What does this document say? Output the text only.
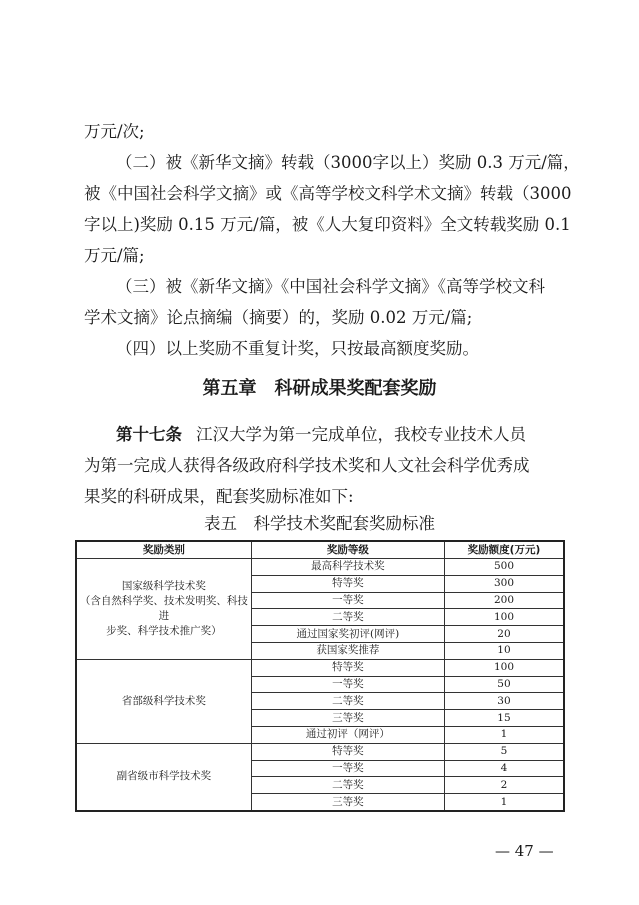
万元/次;
（二）被《新华文摘》转载（3000字以上）奖励 0.3 万元/篇，
被《中国社会科学文摘》或《高等学校文科学术文摘》转载（3000
字以上)奖励 0.15 万元/篇，被《人大复印资料》全文转载奖励 0.1
万元/篇;
（三）被《新华文摘》《中国社会科学文摘》《高等学校文科
学术文摘》论点摘编（摘要）的，奖励 0.02 万元/篇;
（四）以上奖励不重复计奖，只按最高额度奖励。
第五章　科研成果奖配套奖励
第十七条 江汉大学为第一完成单位，我校专业技术人员
为第一完成人获得各级政府科学技术奖和人文社会科学优秀成
果奖的科研成果，配套奖励标准如下:
表五　科学技术奖配套奖励标准
奖励类别	奖励等级	奖励额度(万元)

国家级科学技术奖
（含自然科学奖、技术发明奖、科技进
步奖、科学技术推广奖）	最高科学技术奖	500
	特等奖	300
	一等奖	200
	二等奖	100
	通过国家奖初评(网评)	20
	获国家奖推荐	10

省部级科学技术奖	特等奖	100
	一等奖	50
	二等奖	30
	三等奖	15
	通过初评（网评）	1

副省级市科学技术奖	特等奖	5
	一等奖	4
	二等奖	2
	三等奖	1
— 47 —
